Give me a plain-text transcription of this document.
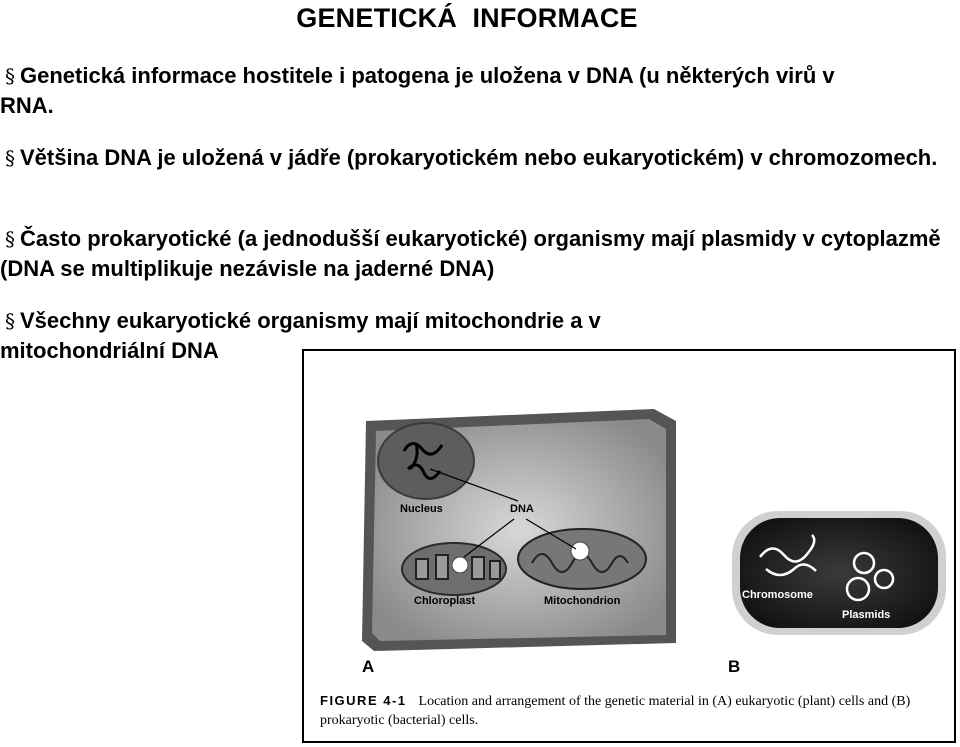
GENETICKÁ  INFORMACE
§ Genetická informace hostitele i patogena je uložena v DNA (u některých virů v RNA.
§ Většina DNA je uložená v jádře (prokaryotickém nebo eukaryotickém) v chromozomech.
§ Často prokaryotické (a jednodušší eukaryotické) organismy mají plasmidy v cytoplazmě (DNA se multiplikuje nezávisle na jaderné DNA)
§ Všechny eukaryotické organismy mají mitochondrie a v mitochondriální DNA
Nucleus	DNA
Chloroplast	Mitochondrion	Chromosome
Plasmids
A	B
FIGURE 4-1 Location and arrangement of the genetic material in (A) eukaryotic (plant) cells and (B) prokaryotic (bacterial) cells.
